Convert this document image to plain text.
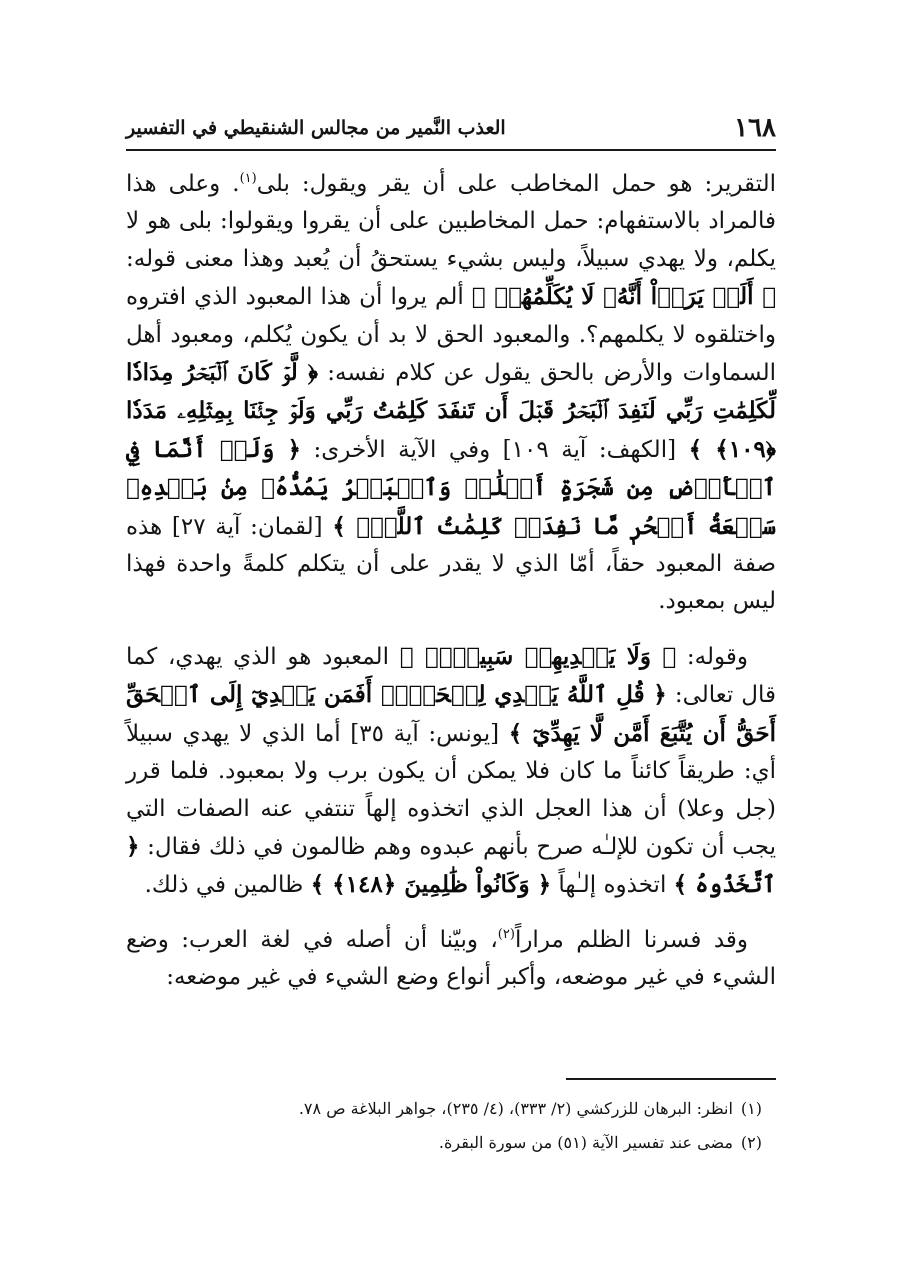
١٦٨
العذب النَّمير من مجالس الشنقيطي في التفسير

التقرير: هو حمل المخاطب على أن يقر ويقول: بلى$^{(١)}$. وعلى هذا فالمراد بالاستفهام: حمل المخاطبين على أن يقروا ويقولوا: بلى هو لا يكلم، ولا يهدي سبيلاً، وليس بشيء يستحقُ أن يُعبد وهذا معنى قوله: ﴿ أَلَمۡ يَرَوۡاْ أَنَّهُۥ لَا يُكَلِّمُهُمۡ ﴾ ألم يروا أن هذا المعبود الذي افتروه واختلقوه لا يكلمهم؟. والمعبود الحق لا بد أن يكون يُكلم، ومعبود أهل السماوات والأرض بالحق يقول عن كلام نفسه: ﴿ لَّوۡ كَانَ ٱلۡبَحۡرُ مِدَادٗا لِّكَلِمَٰتِ رَبِّي لَنَفِدَ ٱلۡبَحۡرُ قَبۡلَ أَن تَنفَدَ كَلِمَٰتُ رَبِّي وَلَوۡ جِئۡنَا بِمِثۡلِهِۦ مَدَدٗا ﴿١٠٩﴾ ﴾ [الكهف: آية ١٠٩] وفي الآية الأخرى: ﴿ وَلَوۡ أَنَّمَا فِي ٱلۡأَرۡضِ مِن شَجَرَةٍ أَقۡلَٰمٞ وَٱلۡبَحۡرُ يَمُدُّهُۥ مِنۢ بَعۡدِهِۦ سَبۡعَةُ أَبۡحُرٖ مَّا نَفِدَتۡ كَلِمَٰتُ ٱللَّهِۚ ﴾ [لقمان: آية ٢٧] هذه صفة المعبود حقاً، أمّا الذي لا يقدر على أن يتكلم كلمةً واحدة فهذا ليس بمعبود.

وقوله: ﴿ وَلَا يَهۡدِيهِمۡ سَبِيلًاۘ ﴾ المعبود هو الذي يهدي، كما قال تعالى: ﴿ قُلِ ٱللَّهُ يَهۡدِي لِلۡحَقِّۗ أَفَمَن يَهۡدِيٓ إِلَى ٱلۡحَقِّ أَحَقُّ أَن يُتَّبَعَ أَمَّن لَّا يَهِدِّيٓ ﴾ [يونس: آية ٣٥] أما الذي لا يهدي سبيلاً أي: طريقاً كائناً ما كان فلا يمكن أن يكون برب ولا بمعبود. فلما قرر (جل وعلا) أن هذا العجل الذي اتخذوه إلهاً تنتفي عنه الصفات التي يجب أن تكون للإلـٰه صرح بأنهم عبدوه وهم ظالمون في ذلك فقال: ﴿ ٱتَّخَذُوهُ ﴾ اتخذوه إلـٰهاً ﴿ وَكَانُواْ ظَٰلِمِينَ ﴿١٤٨﴾ ﴾ ظالمين في ذلك.

وقد فسرنا الظلم مراراً$^{(٢)}$، وبيّنا أن أصله في لغة العرب: وضع الشيء في غير موضعه، وأكبر أنواع وضع الشيء في غير موضعه:

(١)انظر: البرهان للزركشي (٢/ ٣٣٣)، (٤/ ٢٣٥)، جواهر البلاغة ص ٧٨.
(٢)مضى عند تفسير الآية (٥١) من سورة البقرة.
